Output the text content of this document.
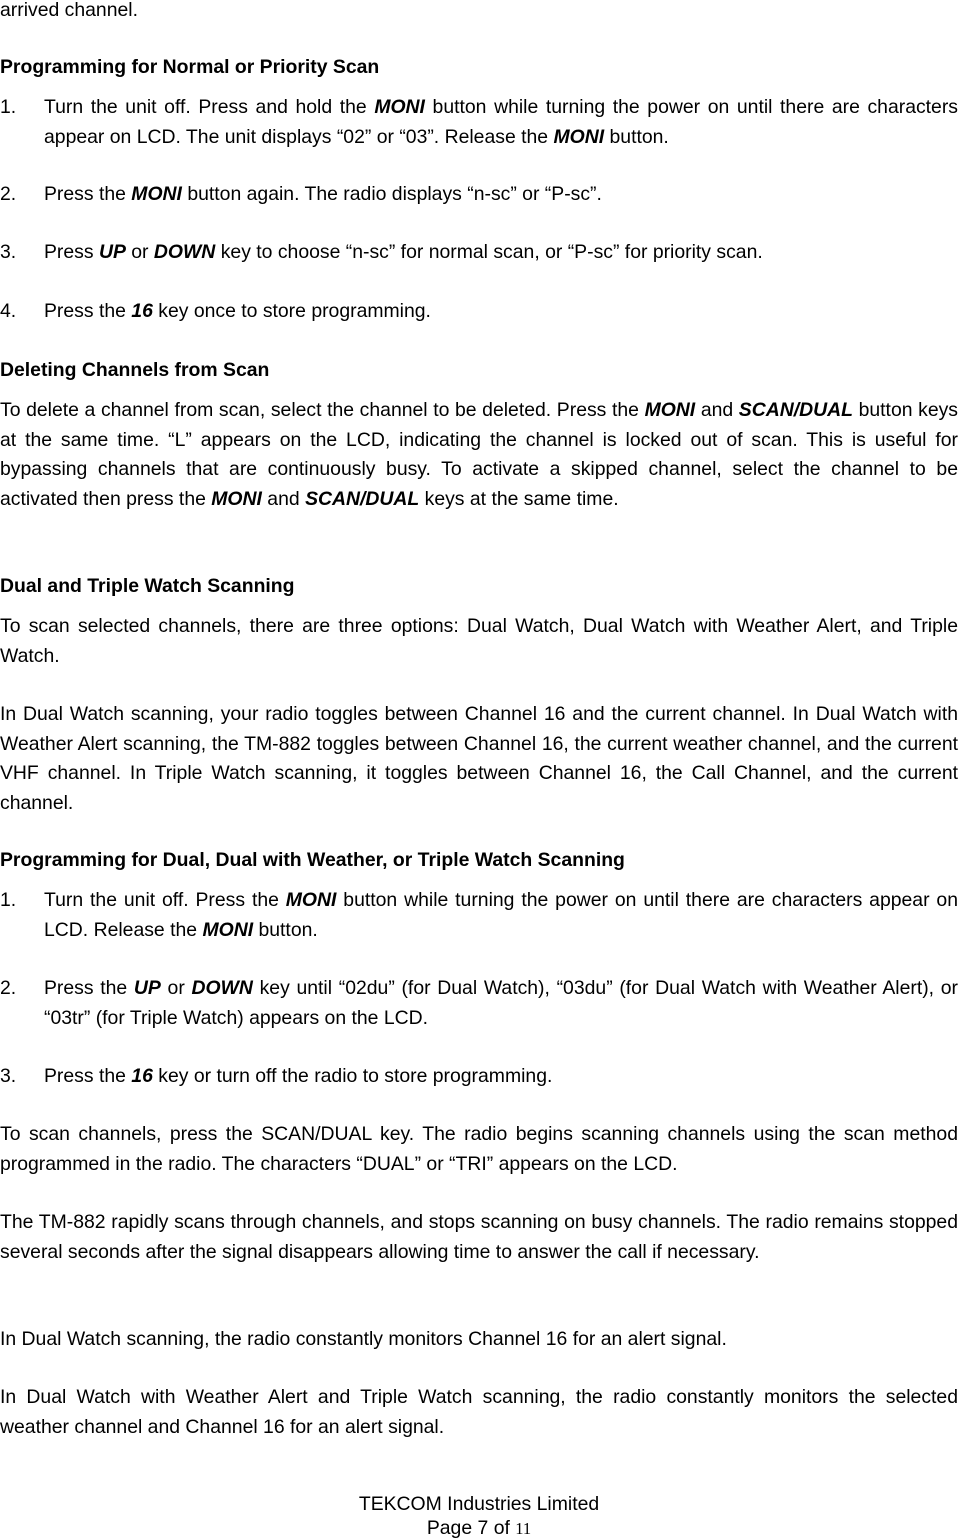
arrived channel.

Programming for Normal or Priority Scan

1. Turn the unit off. Press and hold the MONI button while turning the power on until there are characters appear on LCD. The unit displays “02” or “03”. Release the MONI button.

2. Press the MONI button again. The radio displays “n-sc” or “P-sc”.

3. Press UP or DOWN key to choose “n-sc” for normal scan, or “P-sc” for priority scan.

4. Press the 16 key once to store programming.

Deleting Channels from Scan

To delete a channel from scan, select the channel to be deleted. Press the MONI and SCAN/DUAL button keys at the same time. “L” appears on the LCD, indicating the channel is locked out of scan. This is useful for bypassing channels that are continuously busy. To activate a skipped channel, select the channel to be activated then press the MONI and SCAN/DUAL keys at the same time.

Dual and Triple Watch Scanning

To scan selected channels, there are three options: Dual Watch, Dual Watch with Weather Alert, and Triple Watch.

In Dual Watch scanning, your radio toggles between Channel 16 and the current channel. In Dual Watch with Weather Alert scanning, the TM-882 toggles between Channel 16, the current weather channel, and the current VHF channel. In Triple Watch scanning, it toggles between Channel 16, the Call Channel, and the current channel.

Programming for Dual, Dual with Weather, or Triple Watch Scanning

1. Turn the unit off. Press the MONI button while turning the power on until there are characters appear on LCD. Release the MONI button.

2. Press the UP or DOWN key until “02du” (for Dual Watch), “03du” (for Dual Watch with Weather Alert), or “03tr” (for Triple Watch) appears on the LCD.

3. Press the 16 key or turn off the radio to store programming.

To scan channels, press the SCAN/DUAL key. The radio begins scanning channels using the scan method programmed in the radio. The characters “DUAL” or “TRI” appears on the LCD.

The TM-882 rapidly scans through channels, and stops scanning on busy channels. The radio remains stopped several seconds after the signal disappears allowing time to answer the call if necessary.

In Dual Watch scanning, the radio constantly monitors Channel 16 for an alert signal.

In Dual Watch with Weather Alert and Triple Watch scanning, the radio constantly monitors the selected weather channel and Channel 16 for an alert signal.

TEKCOM Industries Limited
Page 7 of 11
